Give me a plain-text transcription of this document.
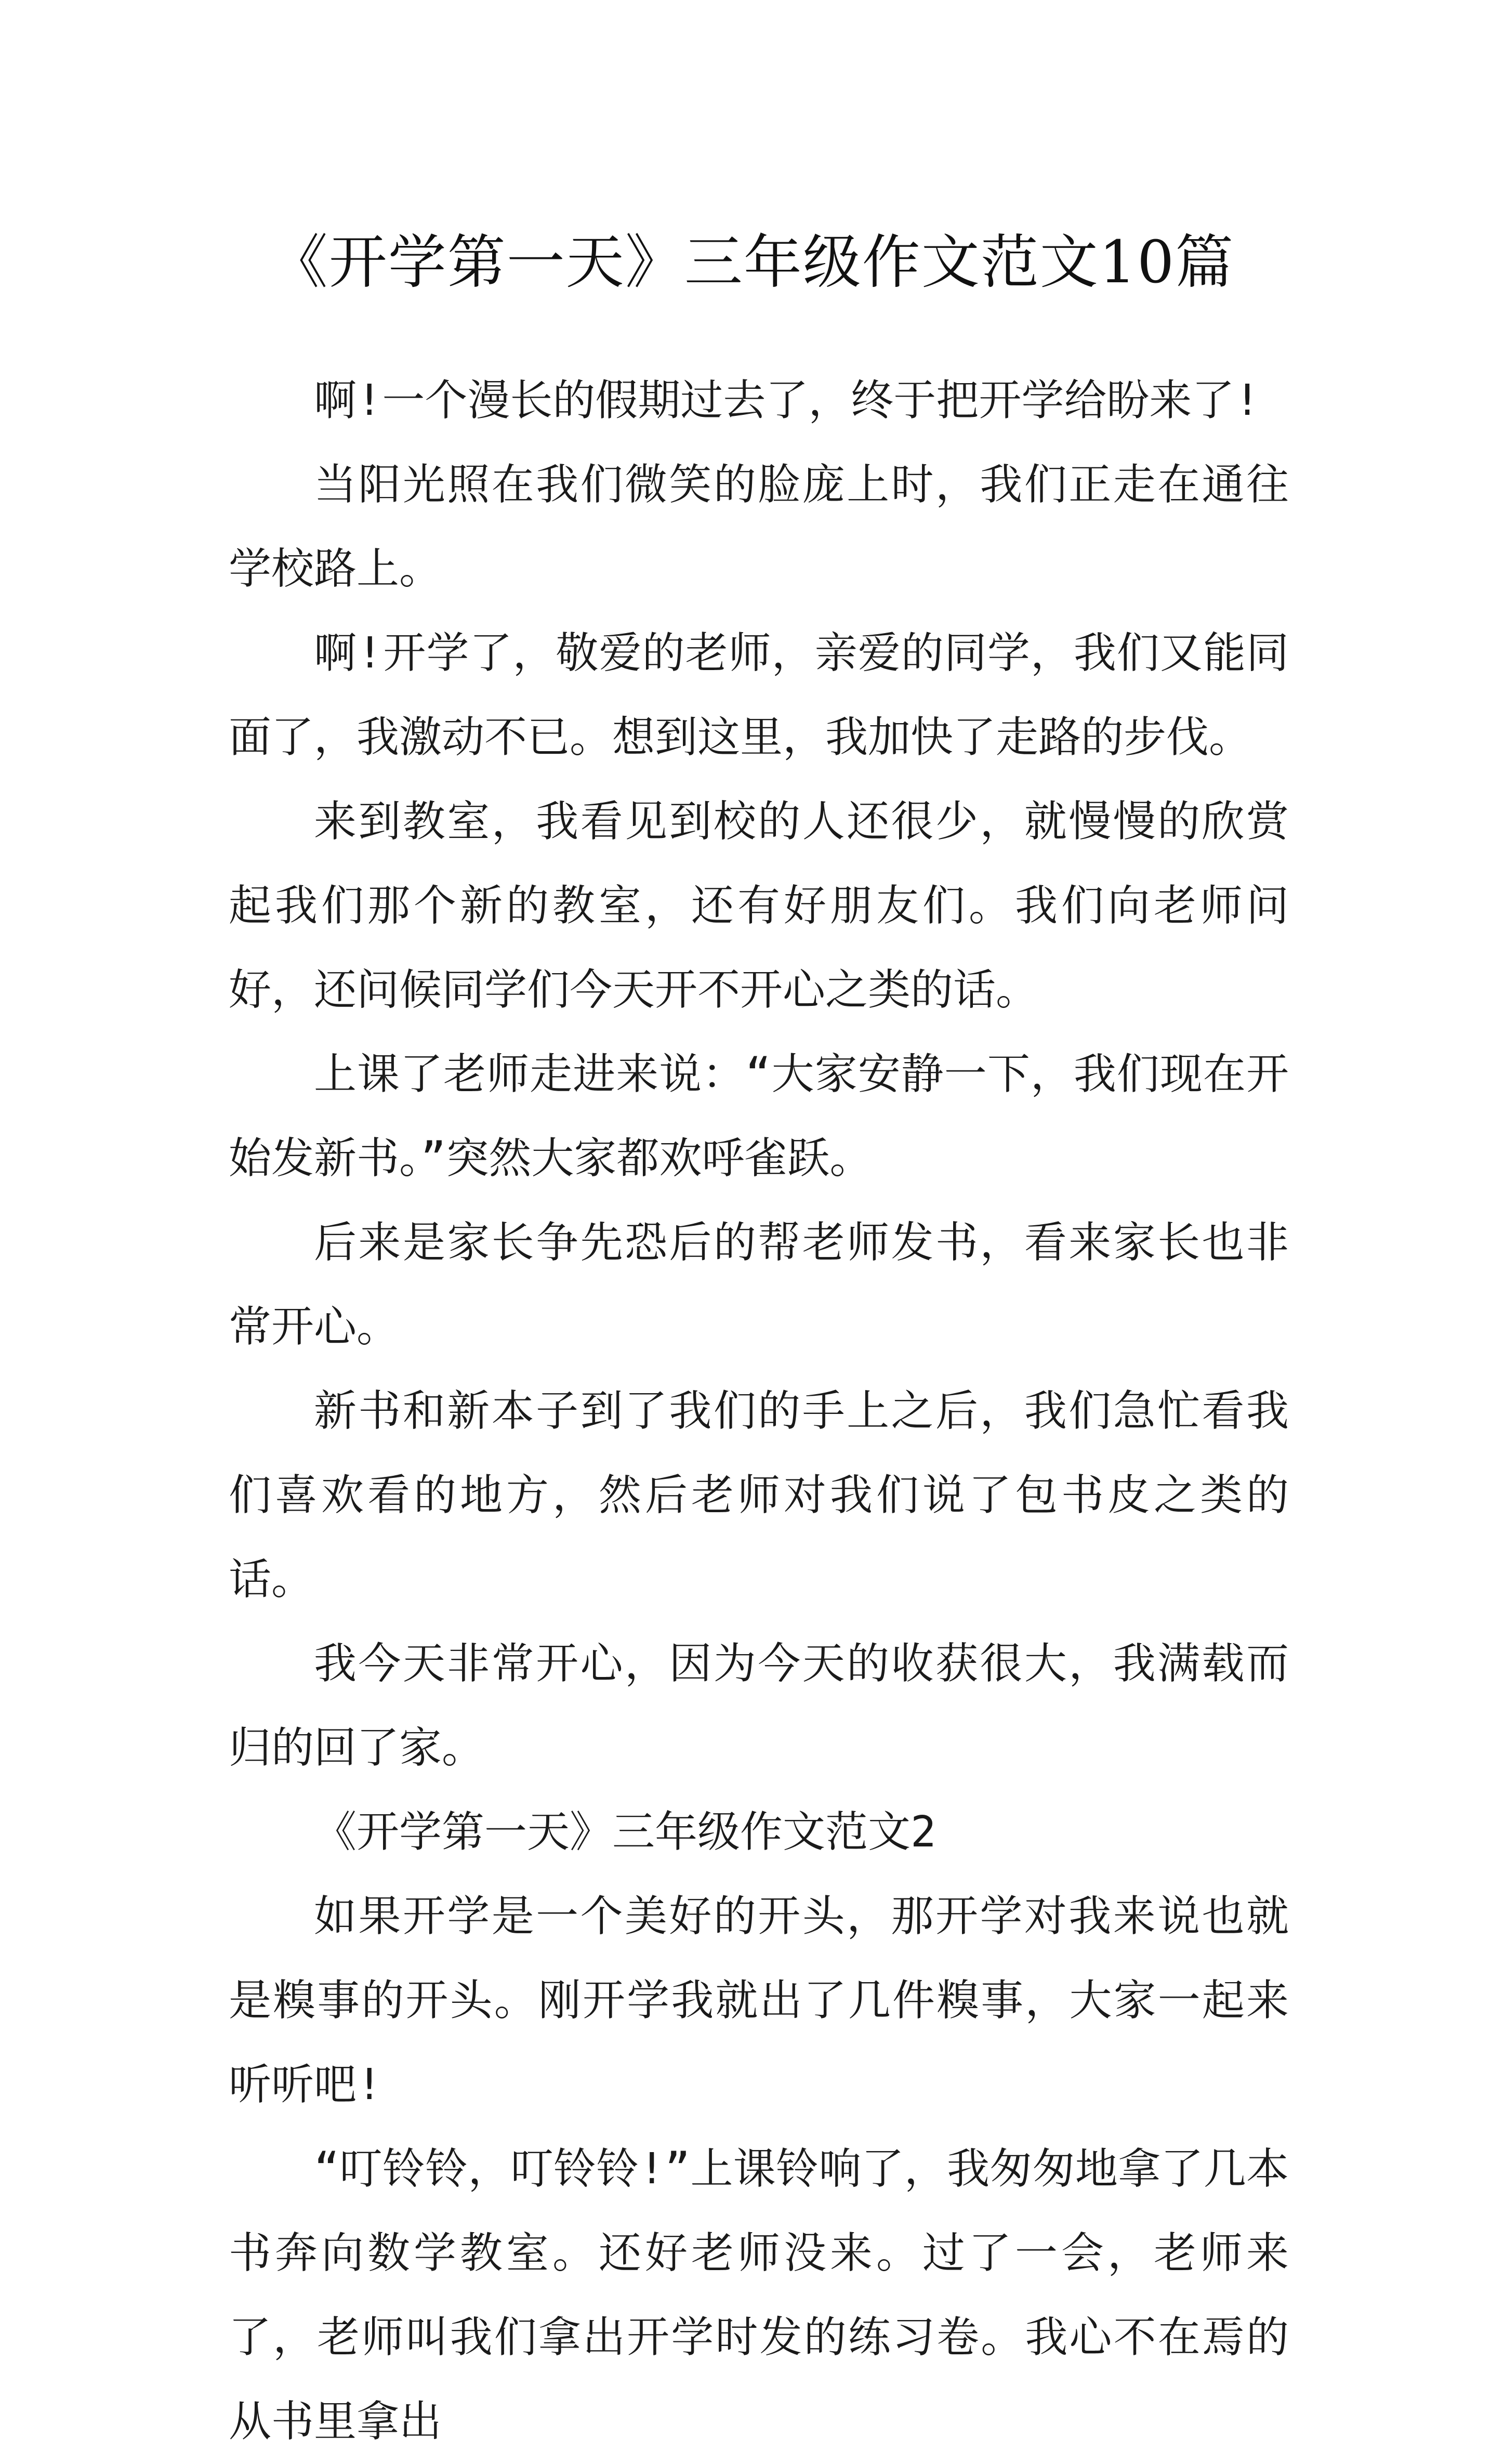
《开学第一天》三年级作文范文10篇

啊!一个漫长的假期过去了，终于把开学给盼来了!

当阳光照在我们微笑的脸庞上时，我们正走在通往学校路上。

啊!开学了，敬爱的老师，亲爱的同学，我们又能同面了，我激动不已。想到这里，我加快了走路的步伐。

来到教室，我看见到校的人还很少，就慢慢的欣赏起我们那个新的教室，还有好朋友们。我们向老师问好，还问候同学们今天开不开心之类的话。

上课了老师走进来说：“大家安静一下，我们现在开始发新书。”突然大家都欢呼雀跃。

后来是家长争先恐后的帮老师发书，看来家长也非常开心。

新书和新本子到了我们的手上之后，我们急忙看我们喜欢看的地方，然后老师对我们说了包书皮之类的话。

我今天非常开心，因为今天的收获很大，我满载而归的回了家。

《开学第一天》三年级作文范文2

如果开学是一个美好的开头，那开学对我来说也就是糗事的开头。刚开学我就出了几件糗事，大家一起来听听吧!

“叮铃铃，叮铃铃!”上课铃响了，我匆匆地拿了几本书奔向数学教室。还好老师没来。过了一会，老师来了，老师叫我们拿出开学时发的练习卷。我心不在焉的从书里拿出
